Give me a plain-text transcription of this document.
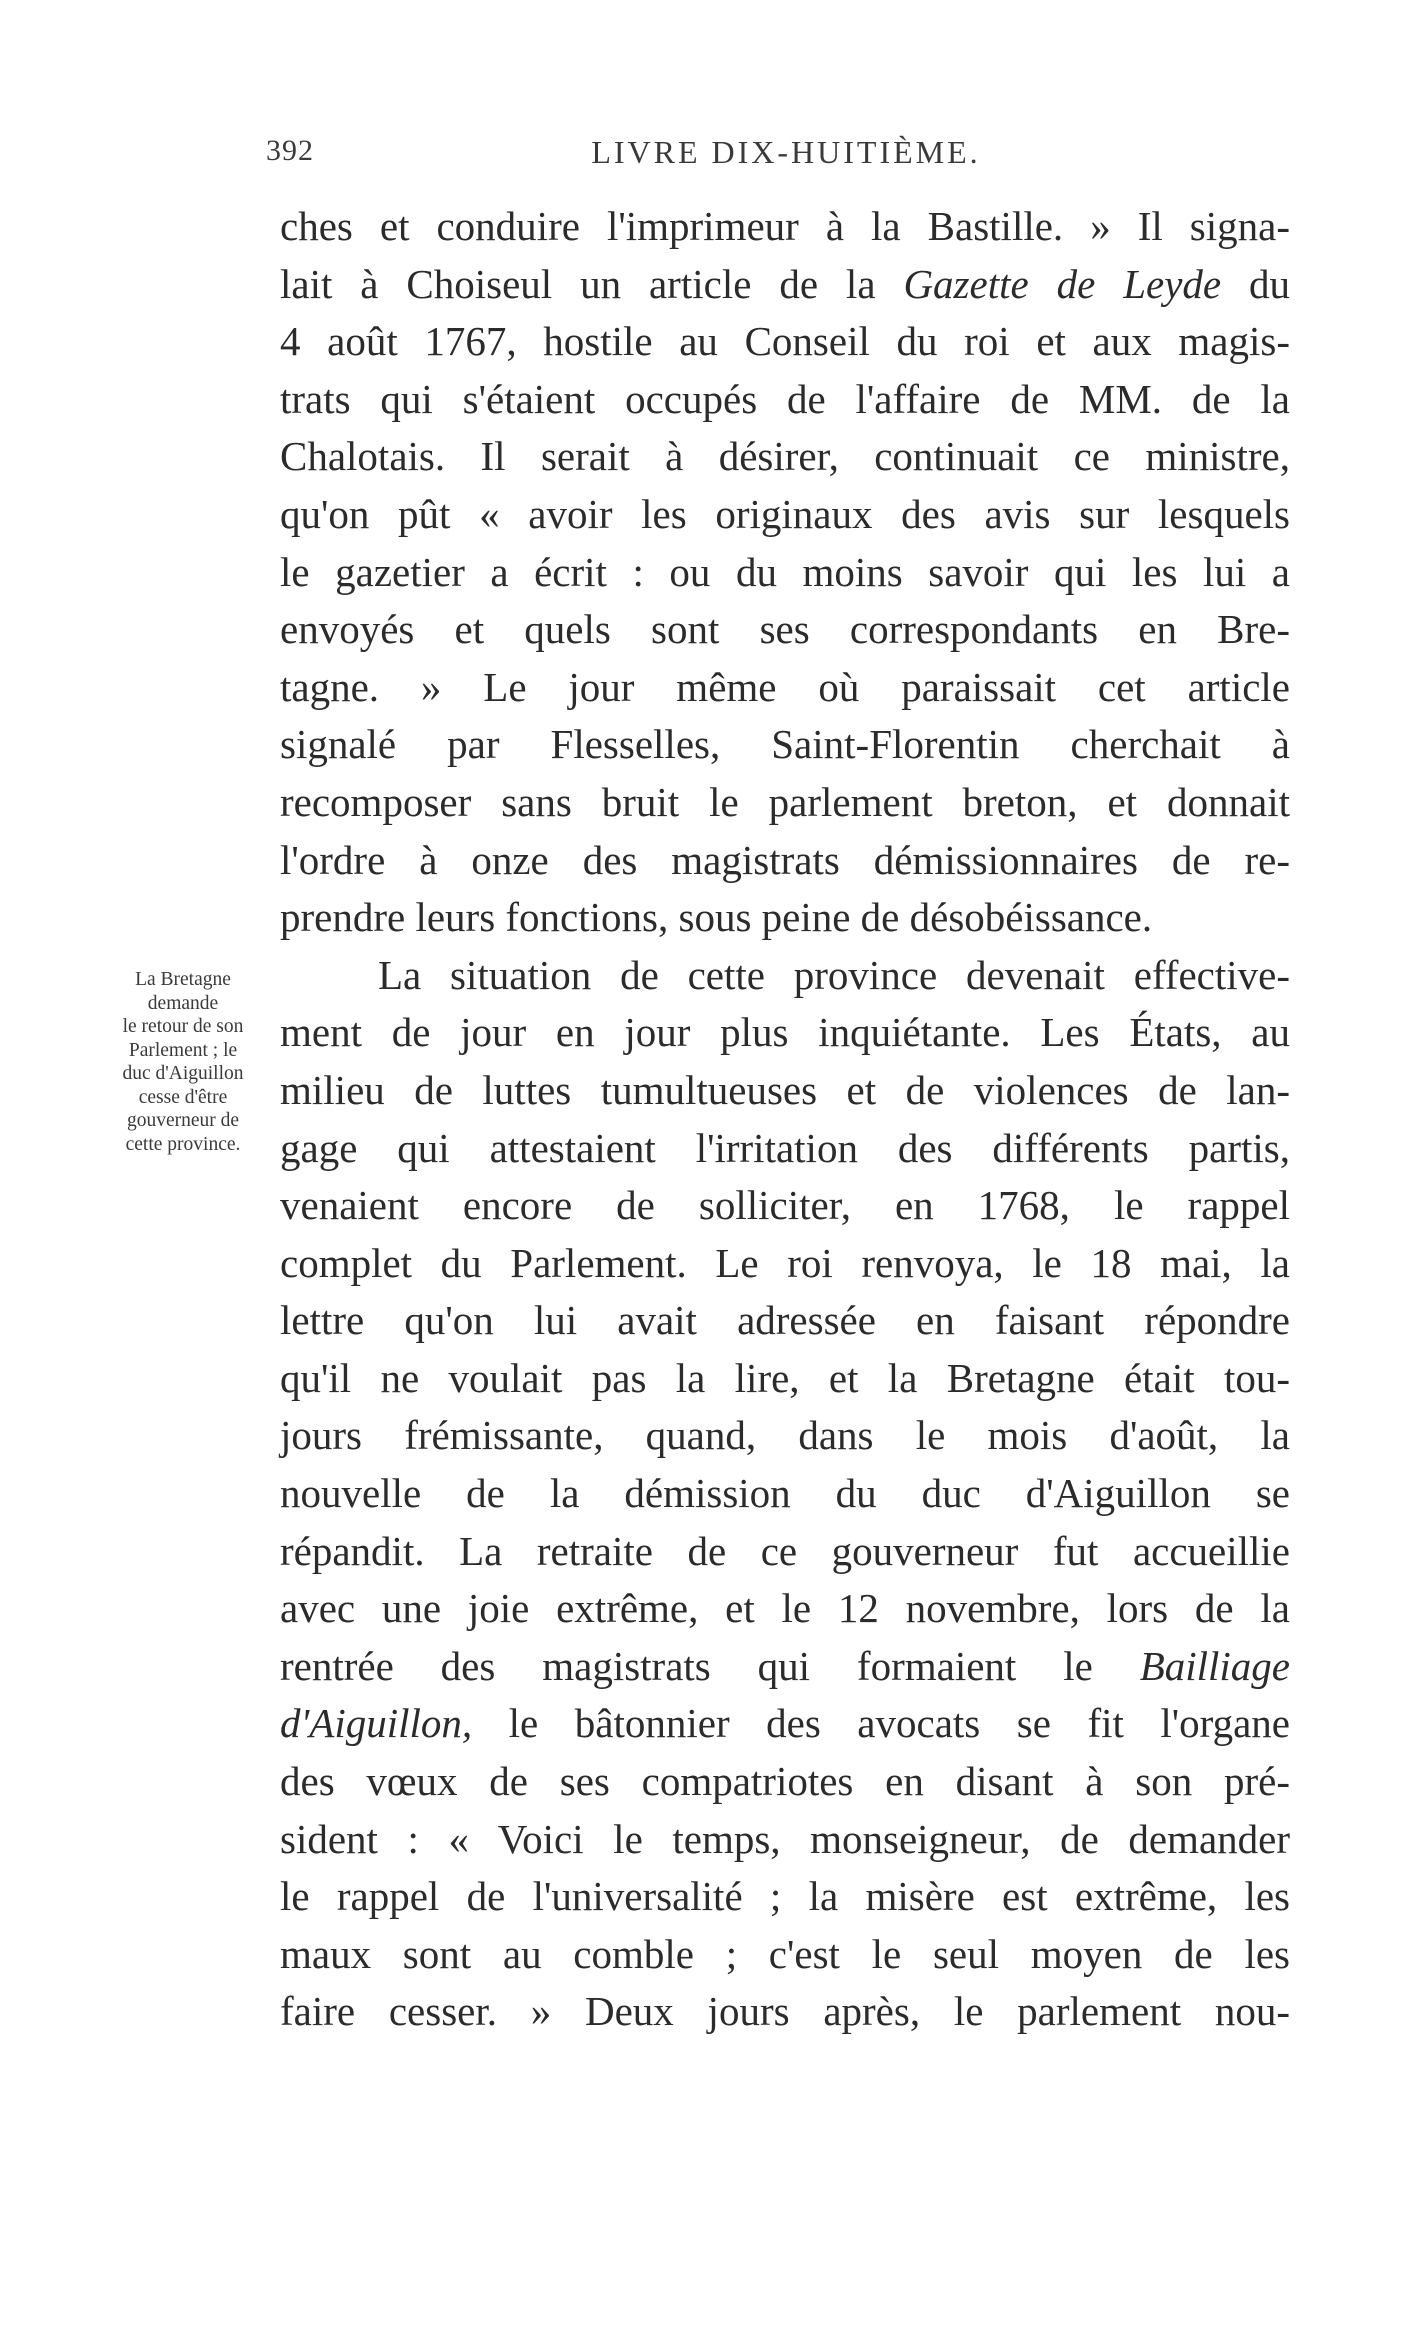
392	LIVRE DIX-HUITIÈME.
La Bretagne
demande
le retour de son
Parlement ; le
duc d'Aiguillon
cesse d'être
gouverneur de
cette province.
ches et conduire l'imprimeur à la Bastille. » Il signa-
lait à Choiseul un article de la Gazette de Leyde du
4 août 1767, hostile au Conseil du roi et aux magis-
trats qui s'étaient occupés de l'affaire de MM. de la
Chalotais. Il serait à désirer, continuait ce ministre,
qu'on pût « avoir les originaux des avis sur lesquels
le gazetier a écrit : ou du moins savoir qui les lui a
envoyés et quels sont ses correspondants en Bre-
tagne. » Le jour même où paraissait cet article
signalé par Flesselles, Saint-Florentin cherchait à
recomposer sans bruit le parlement breton, et donnait
l'ordre à onze des magistrats démissionnaires de re-
prendre leurs fonctions, sous peine de désobéissance.
La situation de cette province devenait effective-
ment de jour en jour plus inquiétante. Les États, au
milieu de luttes tumultueuses et de violences de lan-
gage qui attestaient l'irritation des différents partis,
venaient encore de solliciter, en 1768, le rappel
complet du Parlement. Le roi renvoya, le 18 mai, la
lettre qu'on lui avait adressée en faisant répondre
qu'il ne voulait pas la lire, et la Bretagne était tou-
jours frémissante, quand, dans le mois d'août, la
nouvelle de la démission du duc d'Aiguillon se
répandit. La retraite de ce gouverneur fut accueillie
avec une joie extrême, et le 12 novembre, lors de la
rentrée des magistrats qui formaient le Bailliage
d'Aiguillon, le bâtonnier des avocats se fit l'organe
des vœux de ses compatriotes en disant à son pré-
sident : « Voici le temps, monseigneur, de demander
le rappel de l'universalité ; la misère est extrême, les
maux sont au comble ; c'est le seul moyen de les
faire cesser. » Deux jours après, le parlement nou-
